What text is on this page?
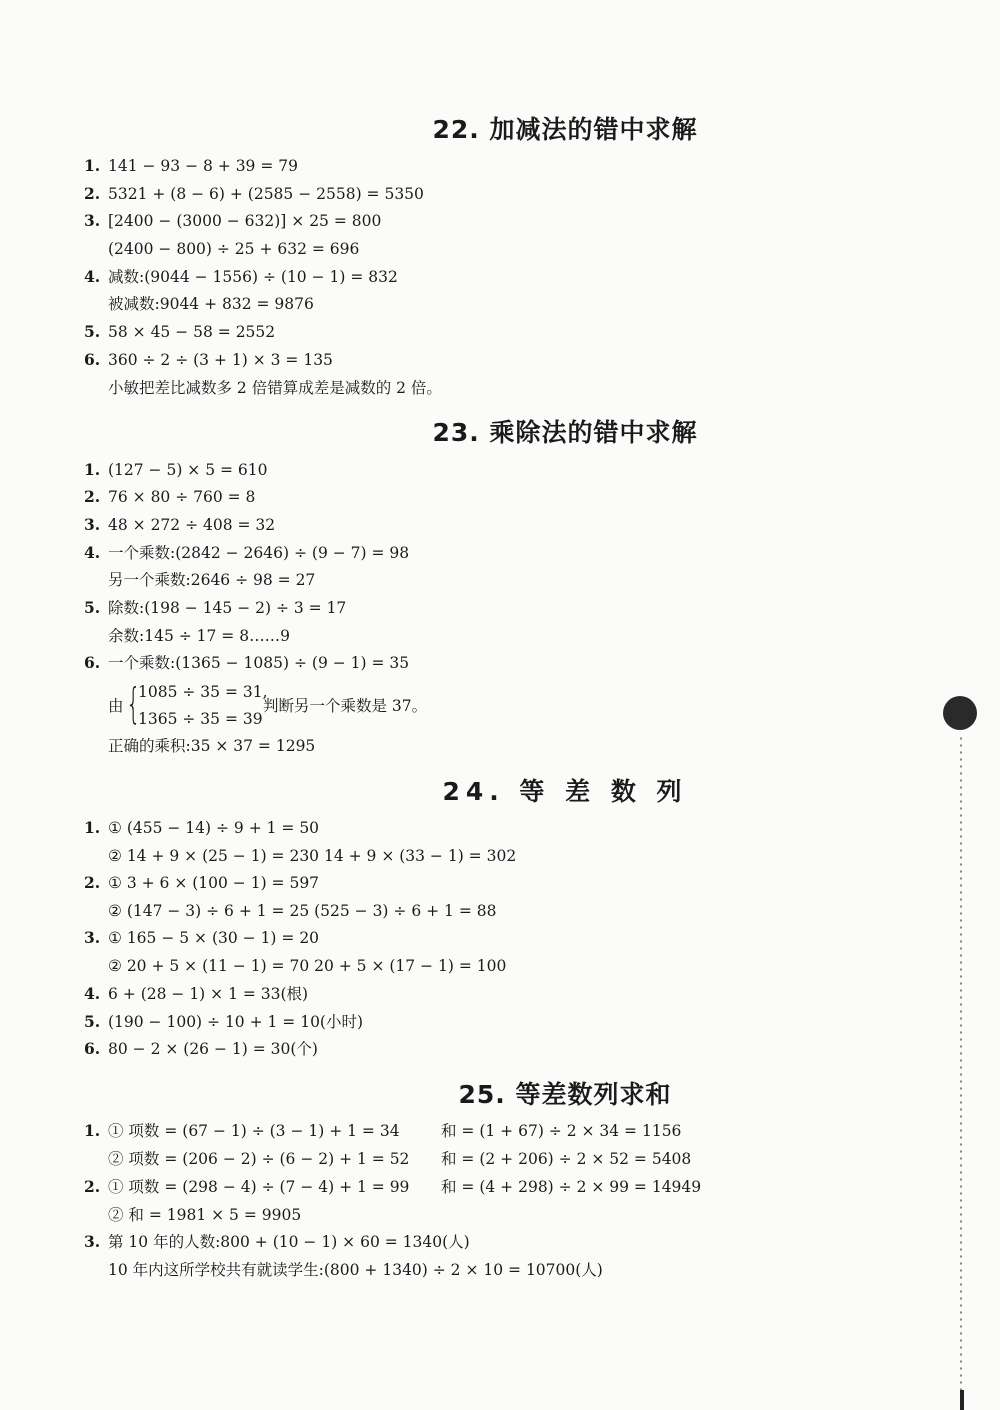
22. 加减法的错中求解
1. 141 − 93 − 8 + 39 = 79
2. 5321 + (8 − 6) + (2585 − 2558) = 5350
3. [2400 − (3000 − 632)] × 25 = 800
(2400 − 800) ÷ 25 + 632 = 696
4. 减数:(9044 − 1556) ÷ (10 − 1) = 832
被减数:9044 + 832 = 9876
5. 58 × 45 − 58 = 2552
6. 360 ÷ 2 ÷ (3 + 1) × 3 = 135
小敏把差比减数多 2 倍错算成差是减数的 2 倍。
23. 乘除法的错中求解
1. (127 − 5) × 5 = 610
2. 76 × 80 ÷ 760 = 8
3. 48 × 272 ÷ 408 = 32
4. 一个乘数:(2842 − 2646) ÷ (9 − 7) = 98
另一个乘数:2646 ÷ 98 = 27
5. 除数:(198 − 145 − 2) ÷ 3 = 17
余数:145 ÷ 17 = 8……9
6. 一个乘数:(1365 − 1085) ÷ (9 − 1) = 35
由 {
1085 ÷ 35 = 31,
1365 ÷ 35 = 39
判断另一个乘数是 37。
正确的乘积:35 × 37 = 1295
24. 等 差 数 列
1. ① (455 − 14) ÷ 9 + 1 = 50
② 14 + 9 × (25 − 1) = 230 14 + 9 × (33 − 1) = 302
2. ① 3 + 6 × (100 − 1) = 597
② (147 − 3) ÷ 6 + 1 = 25 (525 − 3) ÷ 6 + 1 = 88
3. ① 165 − 5 × (30 − 1) = 20
② 20 + 5 × (11 − 1) = 70 20 + 5 × (17 − 1) = 100
4. 6 + (28 − 1) × 1 = 33(根)
5. (190 − 100) ÷ 10 + 1 = 10(小时)
6. 80 − 2 × (26 − 1) = 30(个)
25. 等差数列求和
1. ① 项数 = (67 − 1) ÷ (3 − 1) + 1 = 34	和 = (1 + 67) ÷ 2 × 34 = 1156
② 项数 = (206 − 2) ÷ (6 − 2) + 1 = 52 和 = (2 + 206) ÷ 2 × 52 = 5408
2. ① 项数 = (298 − 4) ÷ (7 − 4) + 1 = 99 和 = (4 + 298) ÷ 2 × 99 = 14949
② 和 = 1981 × 5 = 9905
3. 第 10 年的人数:800 + (10 − 1) × 60 = 1340(人)
10 年内这所学校共有就读学生:(800 + 1340) ÷ 2 × 10 = 10700(人)
